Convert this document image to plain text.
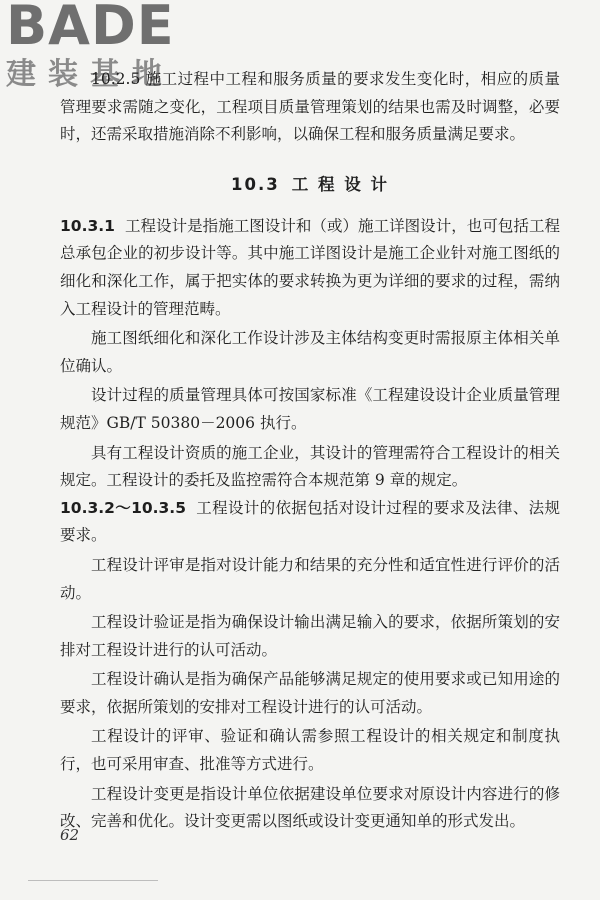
BADE
建装基地

10.2.5 施工过程中工程和服务质量的要求发生变化时，相应的质量管理要求需随之变化，工程项目质量管理策划的结果也需及时调整，必要时，还需采取措施消除不利影响，以确保工程和服务质量满足要求。

10.3 工 程 设 计

10.3.1 工程设计是指施工图设计和（或）施工详图设计，也可包括工程总承包企业的初步设计等。其中施工详图设计是施工企业针对施工图纸的细化和深化工作，属于把实体的要求转换为更为详细的要求的过程，需纳入工程设计的管理范畴。

施工图纸细化和深化工作设计涉及主体结构变更时需报原主体相关单位确认。

设计过程的质量管理具体可按国家标准《工程建设设计企业质量管理规范》GB/T 50380－2006 执行。

具有工程设计资质的施工企业，其设计的管理需符合工程设计的相关规定。工程设计的委托及监控需符合本规范第 9 章的规定。

10.3.2～10.3.5 工程设计的依据包括对设计过程的要求及法律、法规要求。

工程设计评审是指对设计能力和结果的充分性和适宜性进行评价的活动。

工程设计验证是指为确保设计输出满足输入的要求，依据所策划的安排对工程设计进行的认可活动。

工程设计确认是指为确保产品能够满足规定的使用要求或已知用途的要求，依据所策划的安排对工程设计进行的认可活动。

工程设计的评审、验证和确认需参照工程设计的相关规定和制度执行，也可采用审查、批准等方式进行。

工程设计变更是指设计单位依据建设单位要求对原设计内容进行的修改、完善和优化。设计变更需以图纸或设计变更通知单的形式发出。

62
